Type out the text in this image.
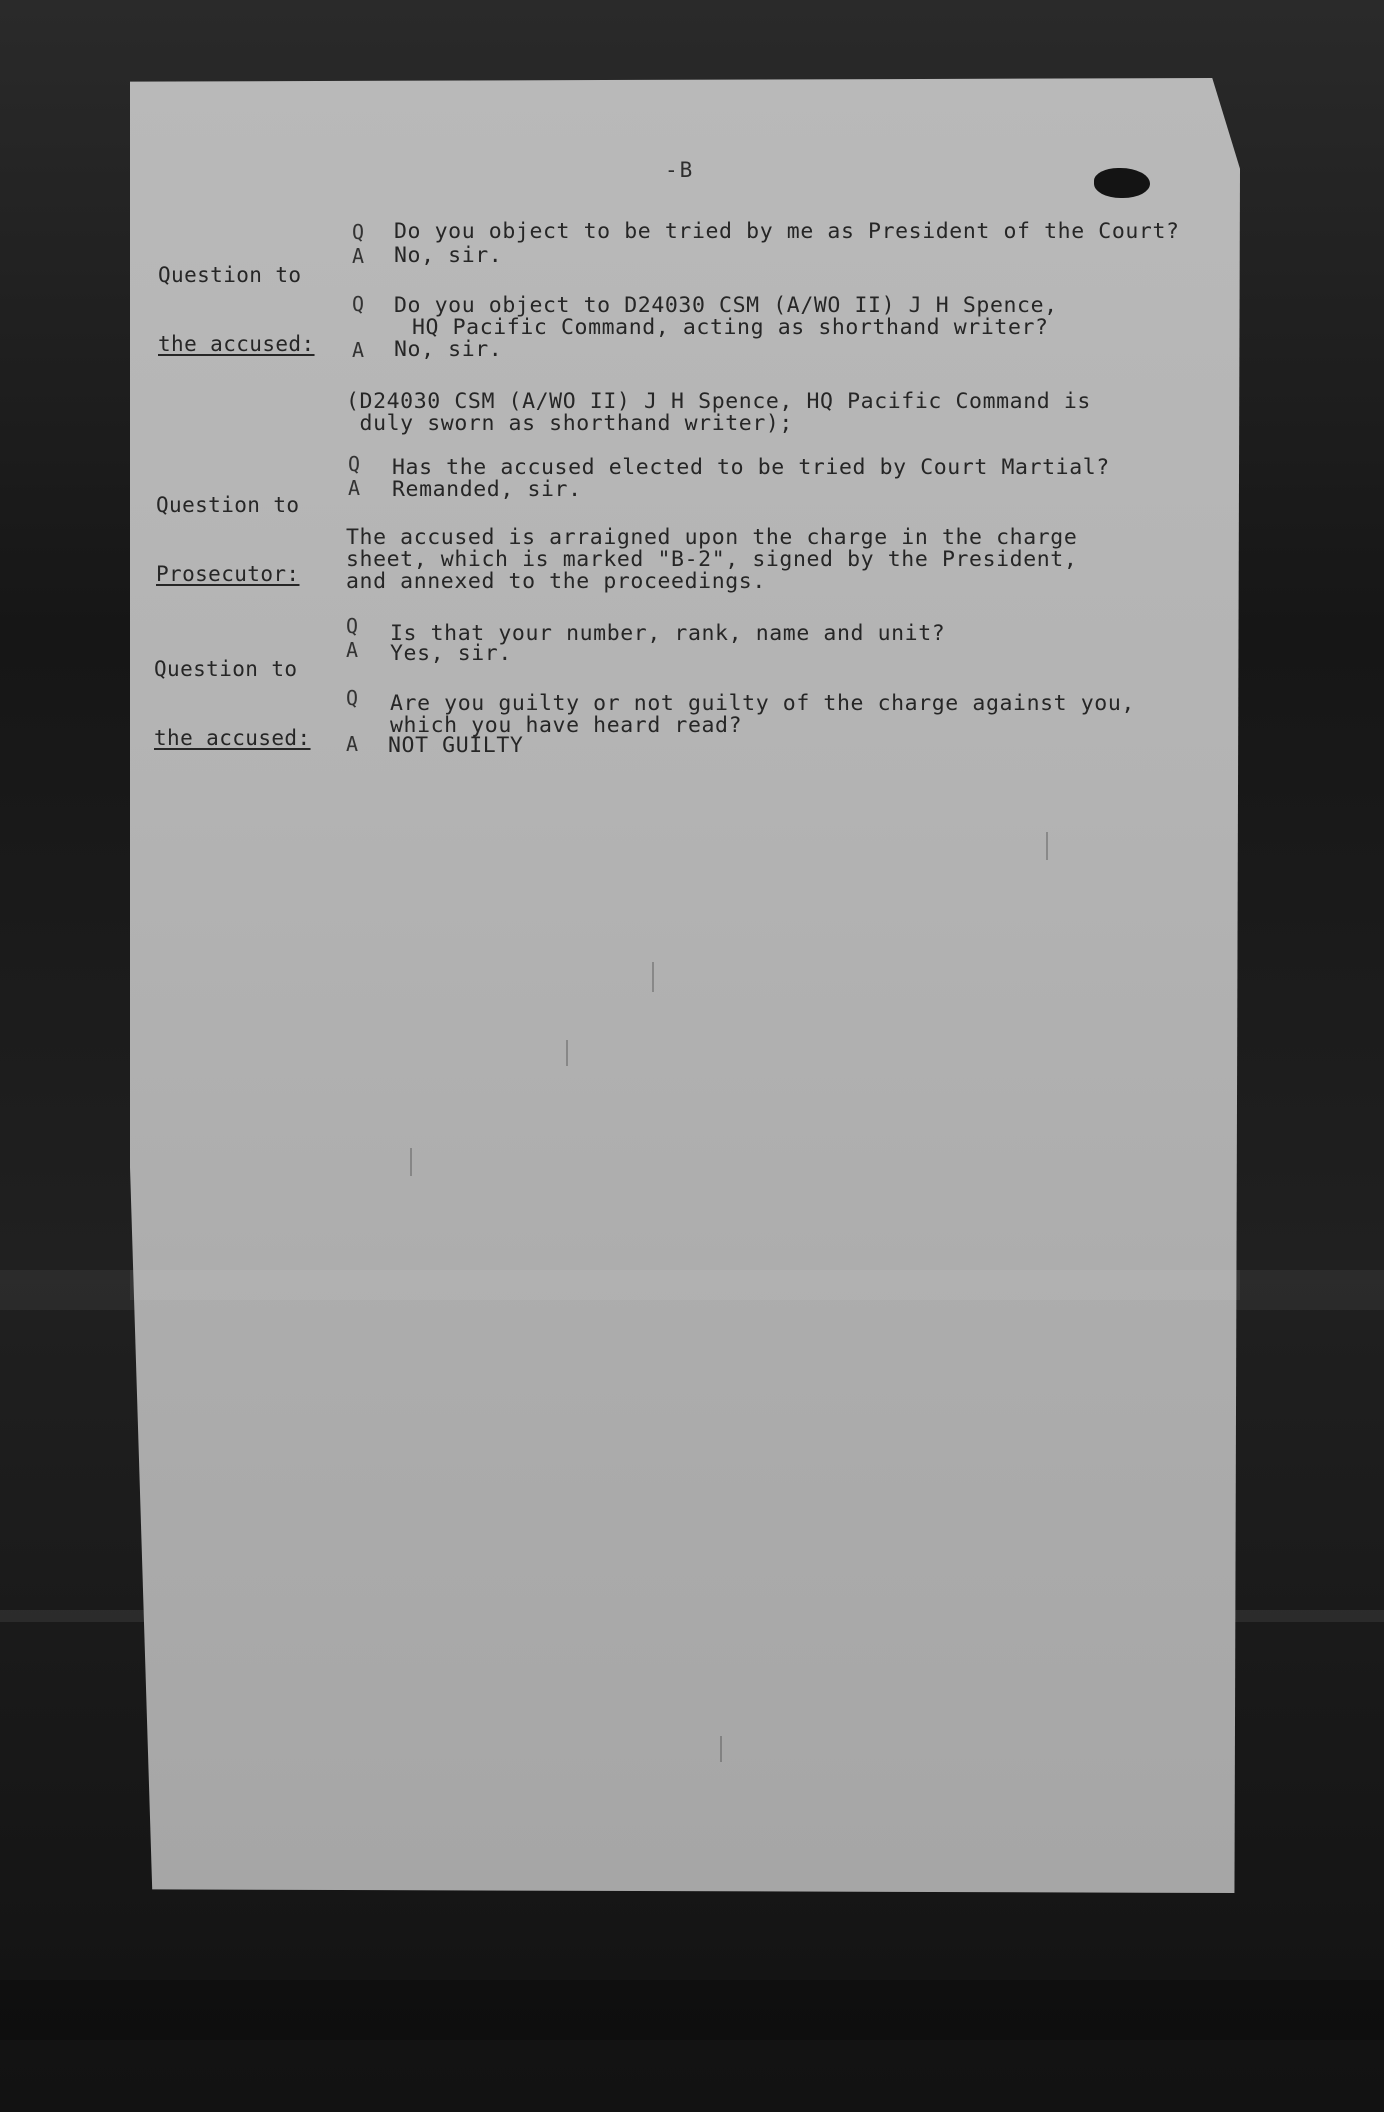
-B

Question to

the accused:

Q Do you object to be tried by me as President of the Court?
A No, sir.
Q Do you object to D24030 CSM (A/WO II) J H Spence,
HQ Pacific Command, acting as shorthand writer?
A No, sir.
(D24030 CSM (A/WO II) J H Spence, HQ Pacific Command is
duly sworn as shorthand writer);

Question to

Prosecutor:

Q Has the accused elected to be tried by Court Martial?
A Remanded, sir.
The accused is arraigned upon the charge in the charge
sheet, which is marked "B-2", signed by the President,
and annexed to the proceedings.

Question to

the accused:

Q Is that your number, rank, name and unit?
A Yes, sir.
Q Are you guilty or not guilty of the charge against you,
which you have heard read?
A NOT GUILTY
